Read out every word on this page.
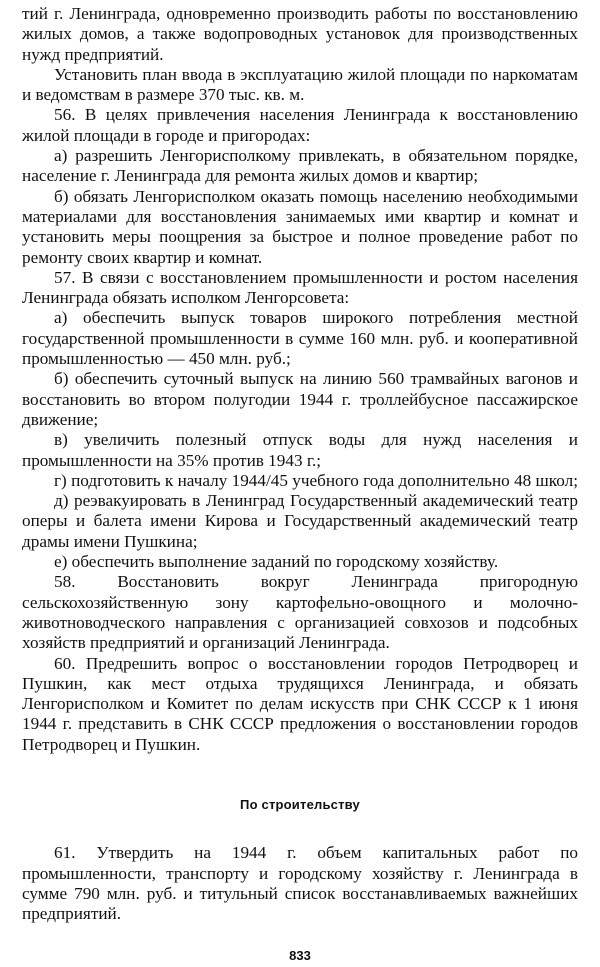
тий г. Ленинграда, одновременно производить работы по восстановлению жилых домов, а также водопроводных установок для производственных нужд предприятий.

Установить план ввода в эксплуатацию жилой площади по наркоматам и ведомствам в размере 370 тыс. кв. м.

56. В целях привлечения населения Ленинграда к восстановлению жилой площади в городе и пригородах:

а) разрешить Ленгорисполкому привлекать, в обязательном порядке, население г. Ленинграда для ремонта жилых домов и квартир;

б) обязать Ленгорисполком оказать помощь населению необходимыми материалами для восстановления занимаемых ими квартир и комнат и установить меры поощрения за быстрое и полное проведение работ по ремонту своих квартир и комнат.

57. В связи с восстановлением промышленности и ростом населения Ленинграда обязать исполком Ленгорсовета:

а) обеспечить выпуск товаров широкого потребления местной государственной промышленности в сумме 160 млн. руб. и кооперативной промышленностью — 450 млн. руб.;

б) обеспечить суточный выпуск на линию 560 трамвайных вагонов и восстановить во втором полугодии 1944 г. троллейбусное пассажирское движение;

в) увеличить полезный отпуск воды для нужд населения и промышленности на 35% против 1943 г.;

г) подготовить к началу 1944/45 учебного года дополнительно 48 школ;

д) реэвакуировать в Ленинград Государственный академический театр оперы и балета имени Кирова и Государственный академический театр драмы имени Пушкина;

е) обеспечить выполнение заданий по городскому хозяйству.

58. Восстановить вокруг Ленинграда пригородную сельскохозяйственную зону картофельно-овощного и молочно-животноводческого направления с организацией совхозов и подсобных хозяйств предприятий и организаций Ленинграда.

60. Предрешить вопрос о восстановлении городов Петродворец и Пушкин, как мест отдыха трудящихся Ленинграда, и обязать Ленгорисполком и Комитет по делам искусств при СНК СССР к 1 июня 1944 г. представить в СНК СССР предложения о восстановлении городов Петродворец и Пушкин.

По строительству

61. Утвердить на 1944 г. объем капитальных работ по промышленности, транспорту и городскому хозяйству г. Ленинграда в сумме 790 млн. руб. и титульный список восстанавливаемых важнейших предприятий.

833
